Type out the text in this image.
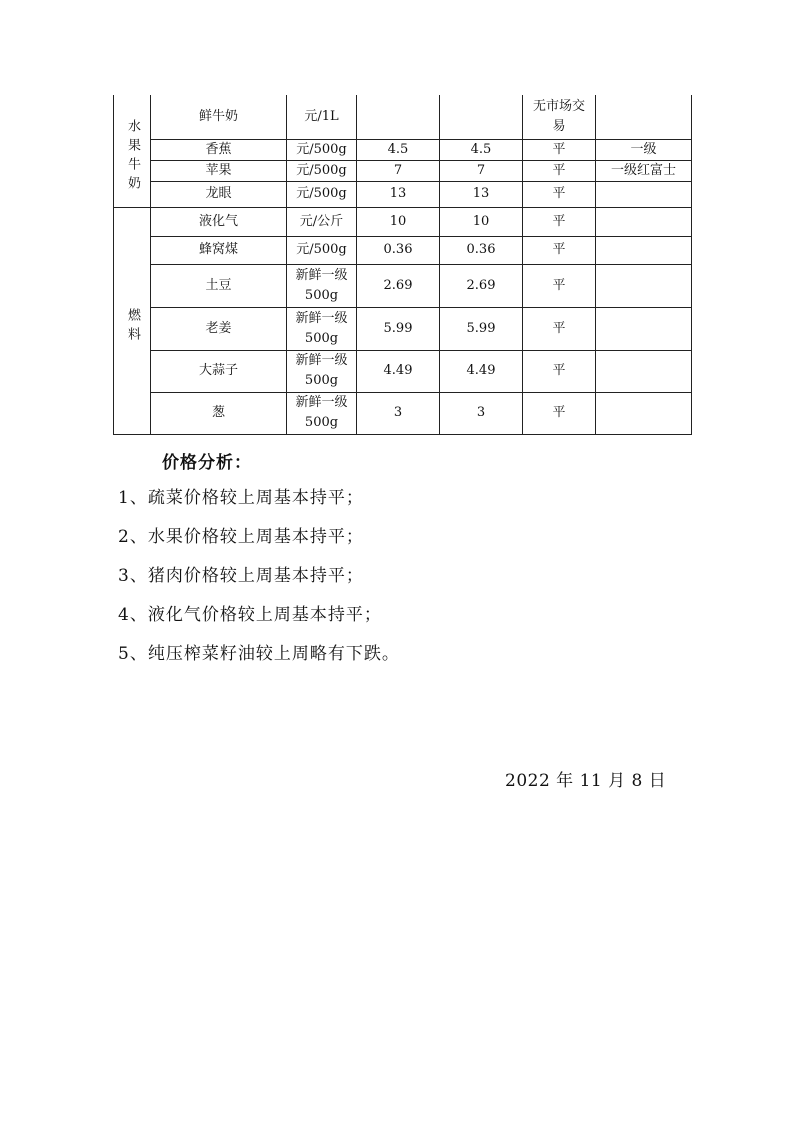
水果牛奶	鲜牛奶	元/1L			无市场交易	
	香蕉	元/500g	4.5	4.5	平	一级
	苹果	元/500g	7	7	平	一级红富士
	龙眼	元/500g	13	13	平	

燃料	液化气	元/公斤	10	10	平	
	蜂窝煤	元/500g	0.36	0.36	平	
	土豆	新鲜一级
500g	2.69	2.69	平	
	老姜	新鲜一级
500g	5.99	5.99	平	
	大蒜子	新鲜一级
500g	4.49	4.49	平	
	葱	新鲜一级
500g	3	3	平	
价格分析：
1、疏菜价格较上周基本持平；
2、水果价格较上周基本持平；
3、猪肉价格较上周基本持平；
4、液化气价格较上周基本持平；
5、纯压榨菜籽油较上周略有下跌。
2022 年 11 月 8 日
